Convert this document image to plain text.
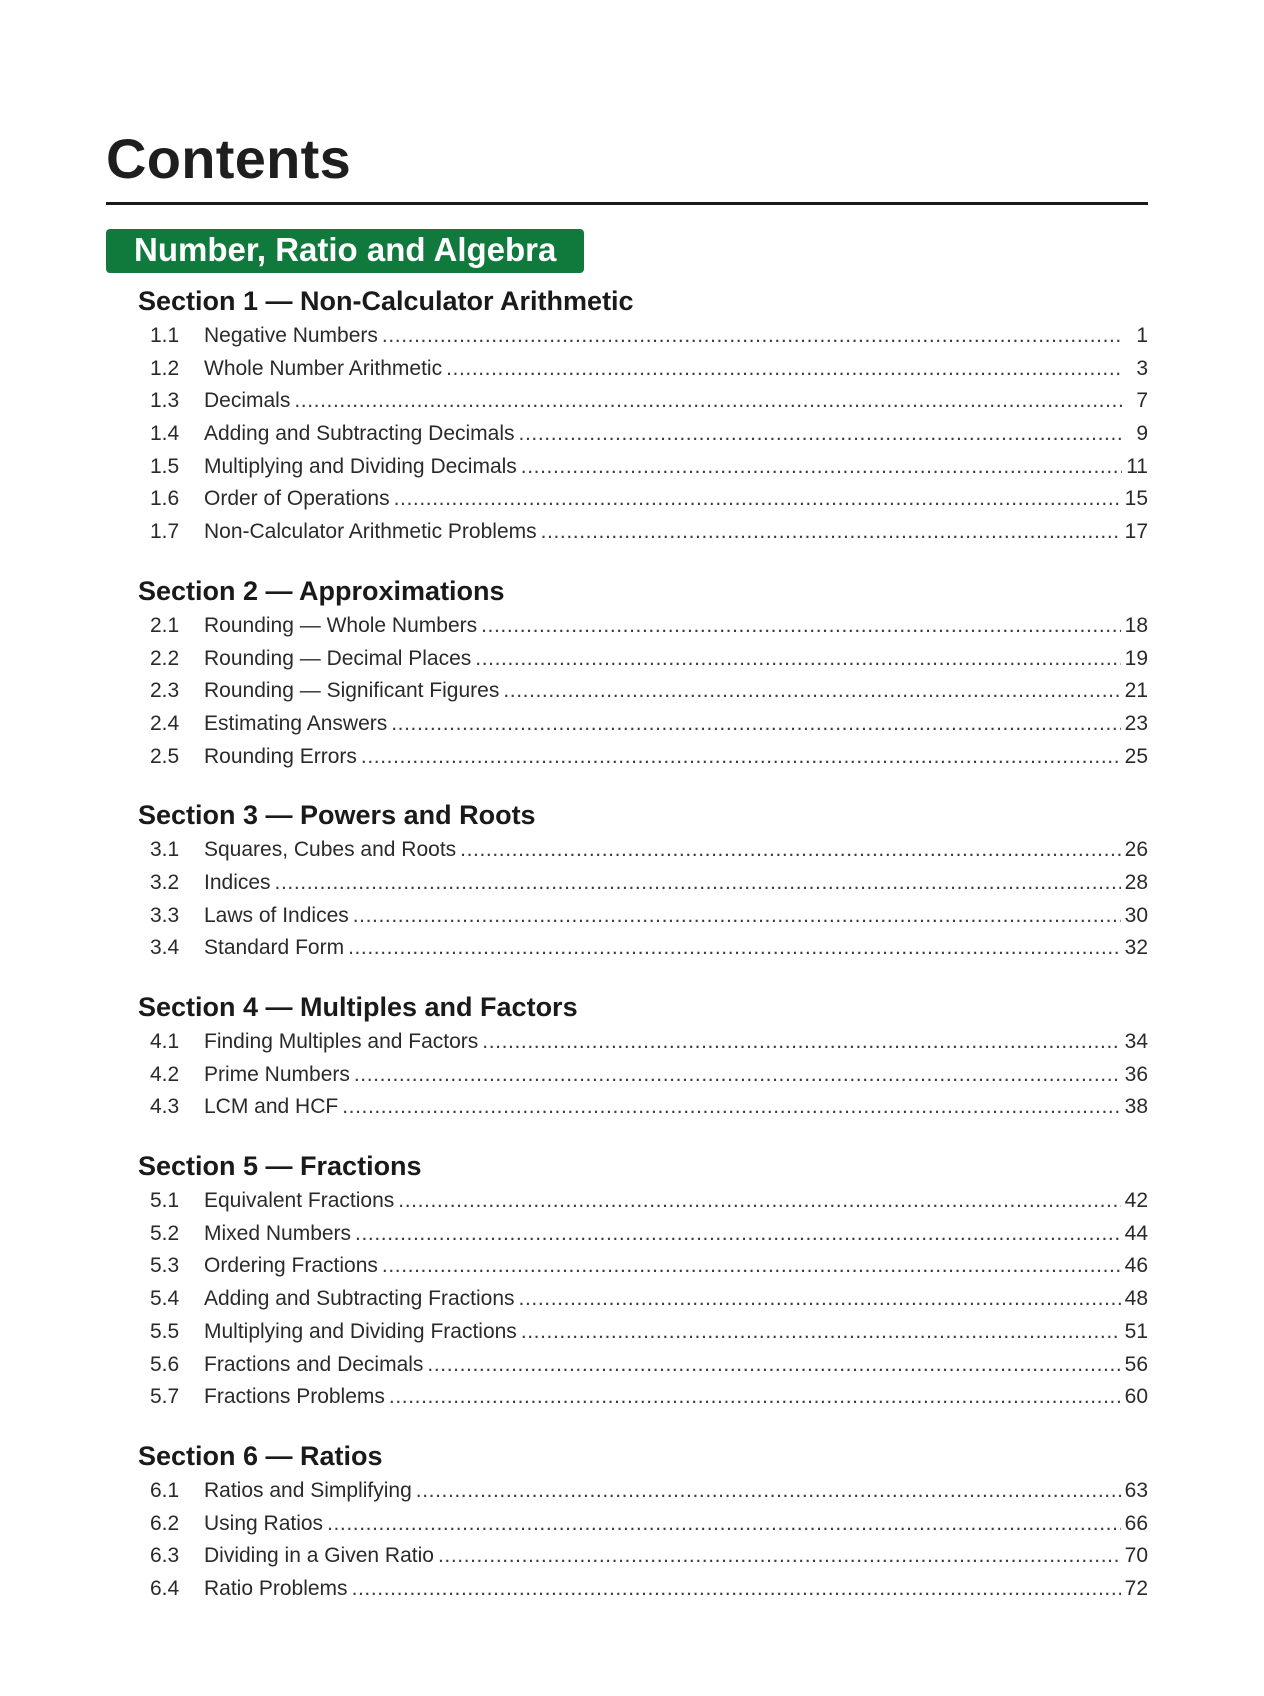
Contents
Number, Ratio and Algebra
Section 1 — Non-Calculator Arithmetic
1.1	Negative Numbers .....	1
1.2	Whole Number Arithmetic .....	3
1.3	Decimals .....	7
1.4	Adding and Subtracting Decimals .....	9
1.5	Multiplying and Dividing Decimals .....	11
1.6	Order of Operations .....	15
1.7	Non-Calculator Arithmetic Problems .....	17
Section 2 — Approximations
2.1	Rounding — Whole Numbers .....	18
2.2	Rounding — Decimal Places .....	19
2.3	Rounding — Significant Figures .....	21
2.4	Estimating Answers .....	23
2.5	Rounding Errors .....	25
Section 3 — Powers and Roots
3.1	Squares, Cubes and Roots .....	26
3.2	Indices .....	28
3.3	Laws of Indices .....	30
3.4	Standard Form .....	32
Section 4 — Multiples and Factors
4.1	Finding Multiples and Factors .....	34
4.2	Prime Numbers .....	36
4.3	LCM and HCF .....	38
Section 5 — Fractions
5.1	Equivalent Fractions .....	42
5.2	Mixed Numbers .....	44
5.3	Ordering Fractions .....	46
5.4	Adding and Subtracting Fractions .....	48
5.5	Multiplying and Dividing Fractions .....	51
5.6	Fractions and Decimals .....	56
5.7	Fractions Problems .....	60
Section 6 — Ratios
6.1	Ratios and Simplifying .....	63
6.2	Using Ratios .....	66
6.3	Dividing in a Given Ratio .....	70
6.4	Ratio Problems .....	72
